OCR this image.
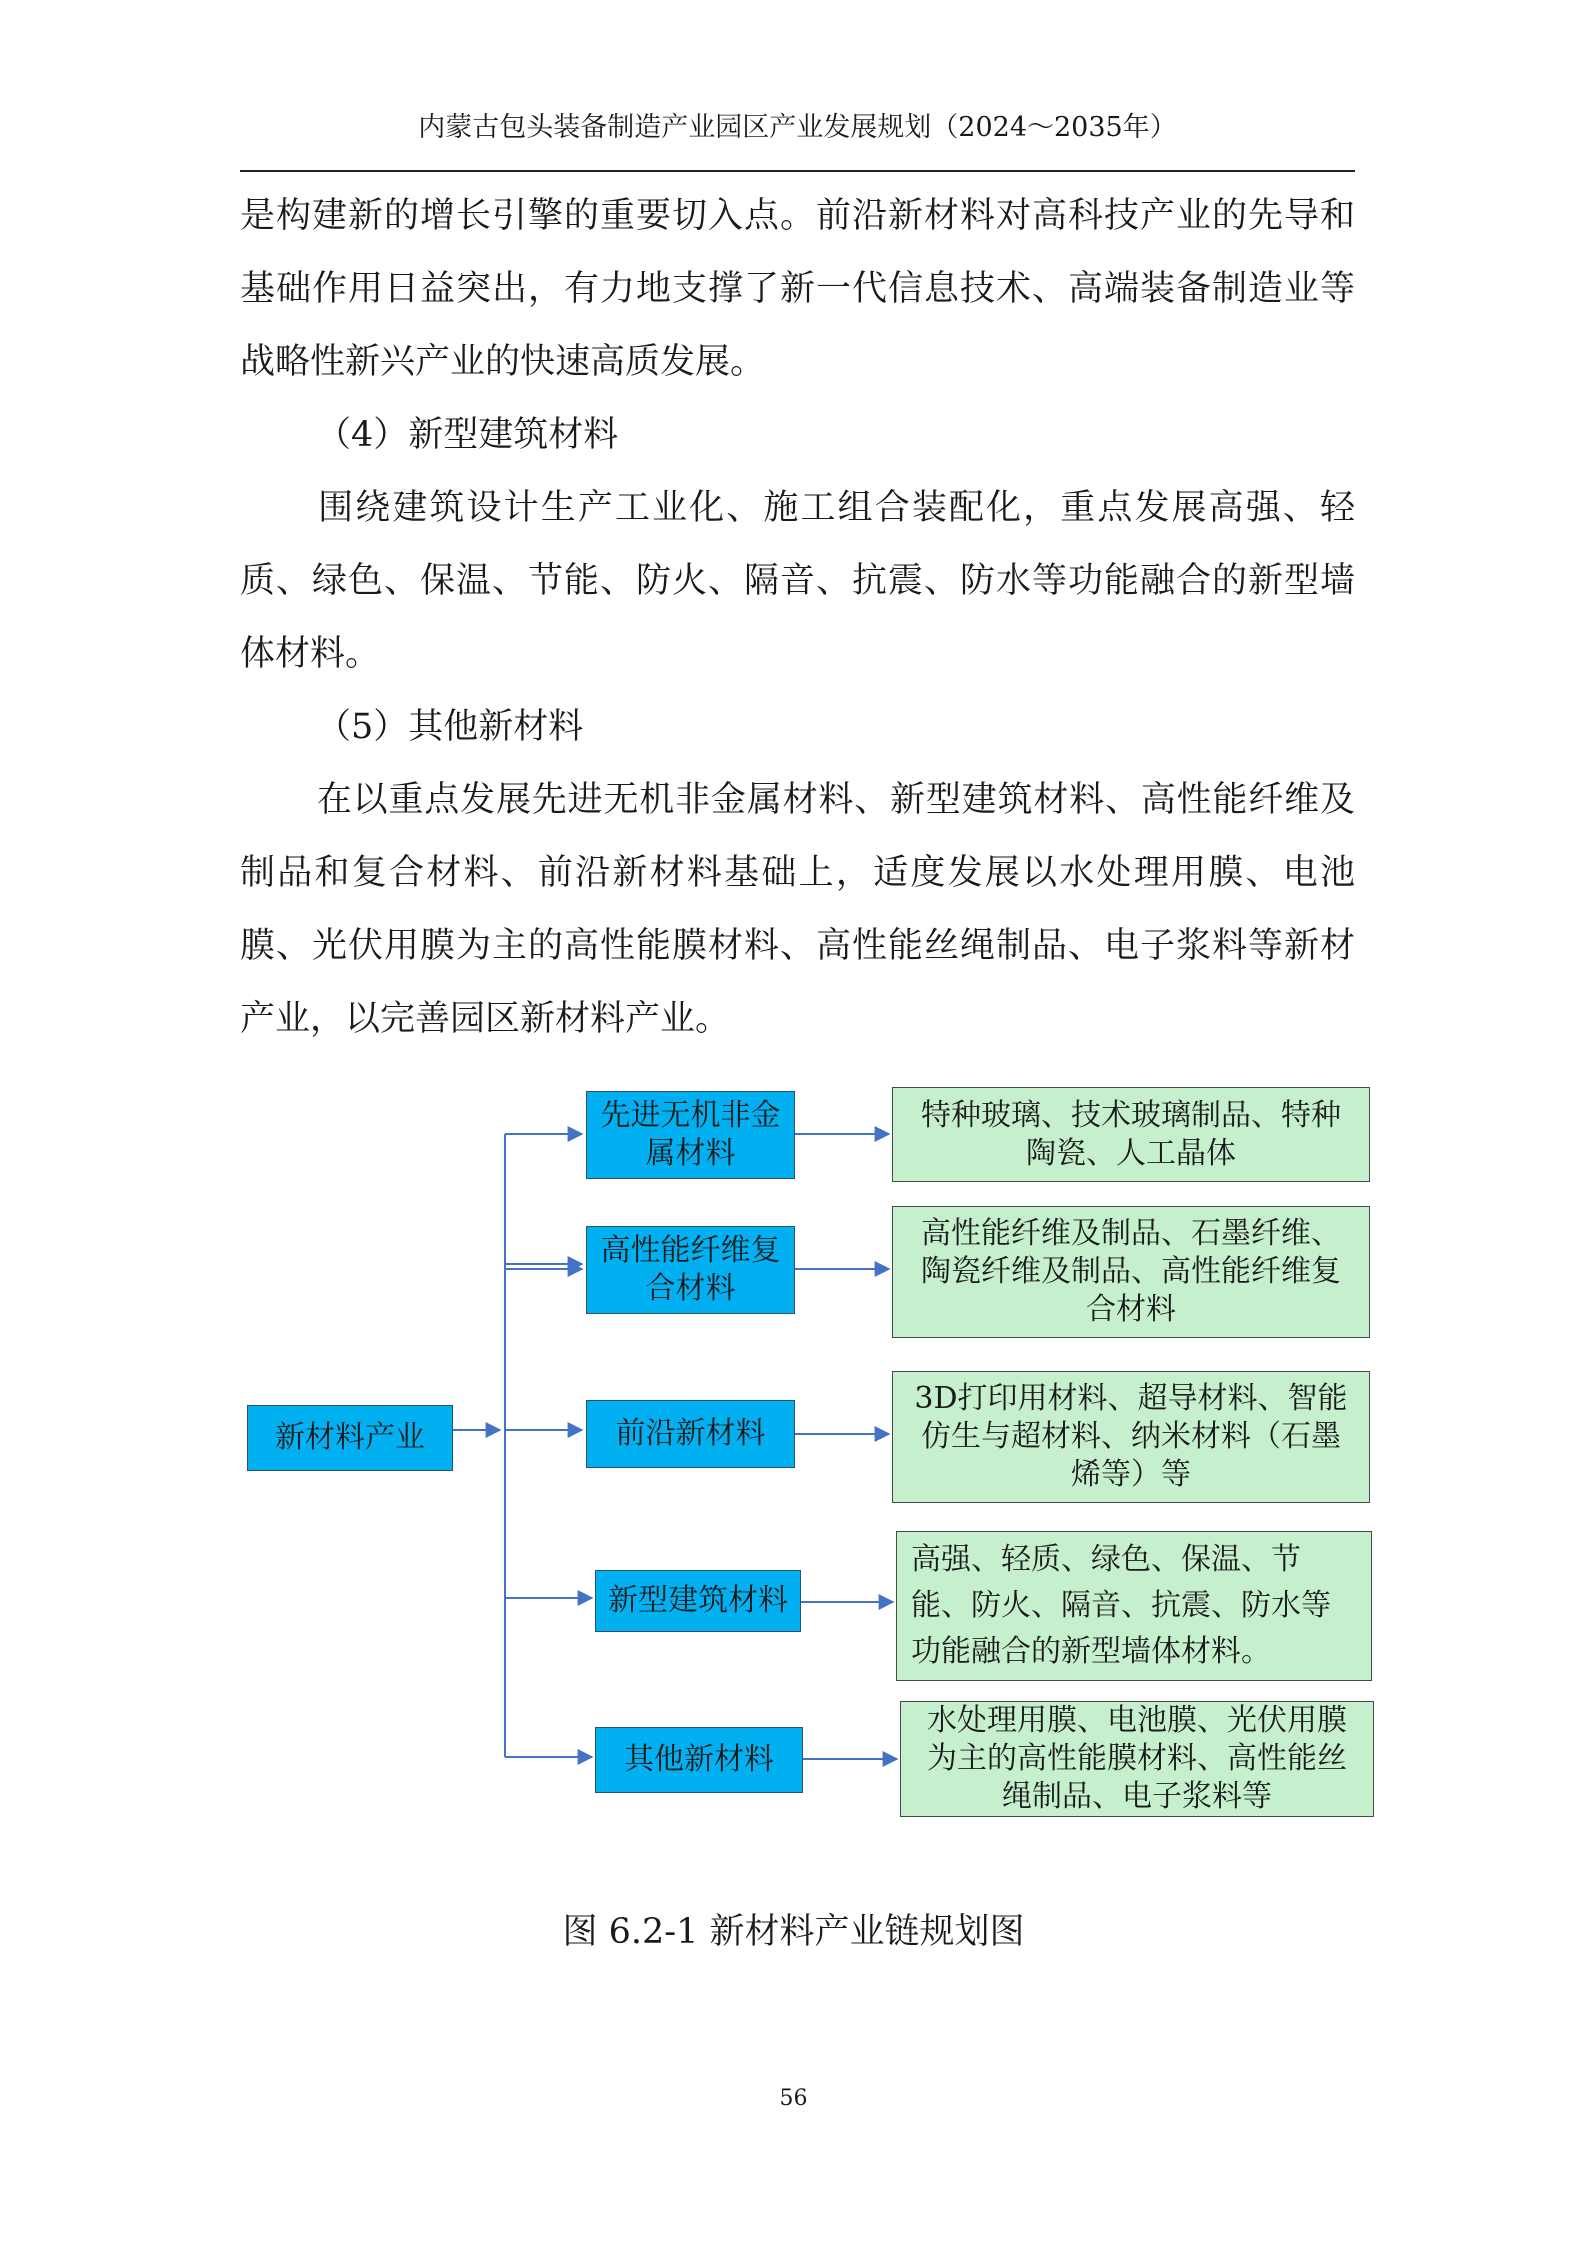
内蒙古包头装备制造产业园区产业发展规划（2024～2035年）

是构建新的增长引擎的重要切入点。前沿新材料对高科技产业的先导和基础作用日益突出，有力地支撑了新一代信息技术、高端装备制造业等战略性新兴产业的快速高质发展。

（4）新型建筑材料

围绕建筑设计生产工业化、施工组合装配化，重点发展高强、轻质、绿色、保温、节能、防火、隔音、抗震、防水等功能融合的新型墙体材料。

（5）其他新材料

在以重点发展先进无机非金属材料、新型建筑材料、高性能纤维及制品和复合材料、前沿新材料基础上，适度发展以水处理用膜、电池膜、光伏用膜为主的高性能膜材料、高性能丝绳制品、电子浆料等新材产业，以完善园区新材料产业。

新材料产业
先进无机非金属材料
高性能纤维复合材料
前沿新材料
新型建筑材料
其他新材料
特种玻璃、技术玻璃制品、特种陶瓷、人工晶体
高性能纤维及制品、石墨纤维、陶瓷纤维及制品、高性能纤维复合材料
3D打印用材料、超导材料、智能仿生与超材料、纳米材料（石墨烯等）等
高强、轻质、绿色、保温、节能、防火、隔音、抗震、防水等功能融合的新型墙体材料。
水处理用膜、电池膜、光伏用膜为主的高性能膜材料、高性能丝绳制品、电子浆料等
图 6.2-1 新材料产业链规划图
56
